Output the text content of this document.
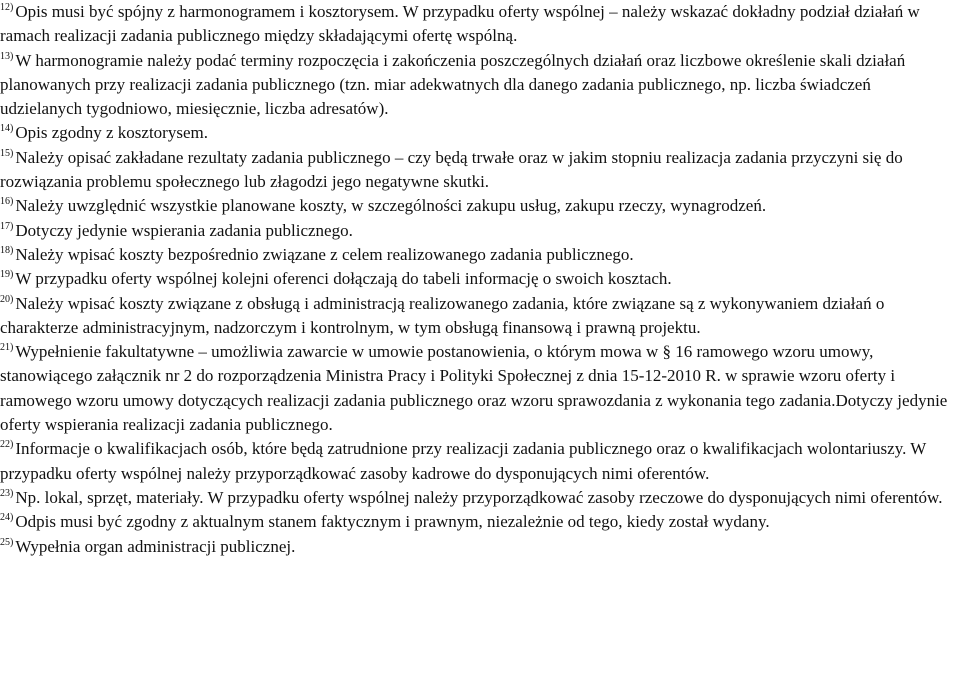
$^{12)}$ Opis musi być spójny z harmonogramem i kosztorysem. W przypadku oferty wspólnej – należy wskazać dokładny podział działań w ramach realizacji zadania publicznego między składającymi ofertę wspólną.

$^{13)}$ W harmonogramie należy podać terminy rozpoczęcia i zakończenia poszczególnych działań oraz liczbowe określenie skali działań planowanych przy realizacji zadania publicznego (tzn. miar adekwatnych dla danego zadania publicznego, np. liczba świadczeń udzielanych tygodniowo, miesięcznie, liczba adresatów).

$^{14)}$ Opis zgodny z kosztorysem.

$^{15)}$ Należy opisać zakładane rezultaty zadania publicznego – czy będą trwałe oraz w jakim stopniu realizacja zadania przyczyni się do rozwiązania problemu społecznego lub złagodzi jego negatywne skutki.

$^{16)}$ Należy uwzględnić wszystkie planowane koszty, w szczególności zakupu usług, zakupu rzeczy, wynagrodzeń.

$^{17)}$ Dotyczy jedynie wspierania zadania publicznego.

$^{18)}$ Należy wpisać koszty bezpośrednio związane z celem realizowanego zadania publicznego.

$^{19)}$ W przypadku oferty wspólnej kolejni oferenci dołączają do tabeli informację o swoich kosztach.

$^{20)}$ Należy wpisać koszty związane z obsługą i administracją realizowanego zadania, które związane są z wykonywaniem działań o charakterze administracyjnym, nadzorczym i kontrolnym, w tym obsługą finansową i prawną projektu.

$^{21)}$ Wypełnienie fakultatywne – umożliwia zawarcie w umowie postanowienia, o którym mowa w § 16 ramowego wzoru umowy, stanowiącego załącznik nr 2 do rozporządzenia Ministra Pracy i Polityki Społecznej z dnia 15-12-2010 R. w sprawie wzoru oferty i ramowego wzoru umowy dotyczących realizacji zadania publicznego oraz wzoru sprawozdania z wykonania tego zadania.Dotyczy jedynie oferty wspierania realizacji zadania publicznego.

$^{22)}$ Informacje o kwalifikacjach osób, które będą zatrudnione przy realizacji zadania publicznego oraz o kwalifikacjach wolontariuszy. W przypadku oferty wspólnej należy przyporządkować zasoby kadrowe do dysponujących nimi oferentów.

$^{23)}$ Np. lokal, sprzęt, materiały. W przypadku oferty wspólnej należy przyporządkować zasoby rzeczowe do dysponujących nimi oferentów.

$^{24)}$ Odpis musi być zgodny z aktualnym stanem faktycznym i prawnym, niezależnie od tego, kiedy został wydany.

$^{25)}$ Wypełnia organ administracji publicznej.
